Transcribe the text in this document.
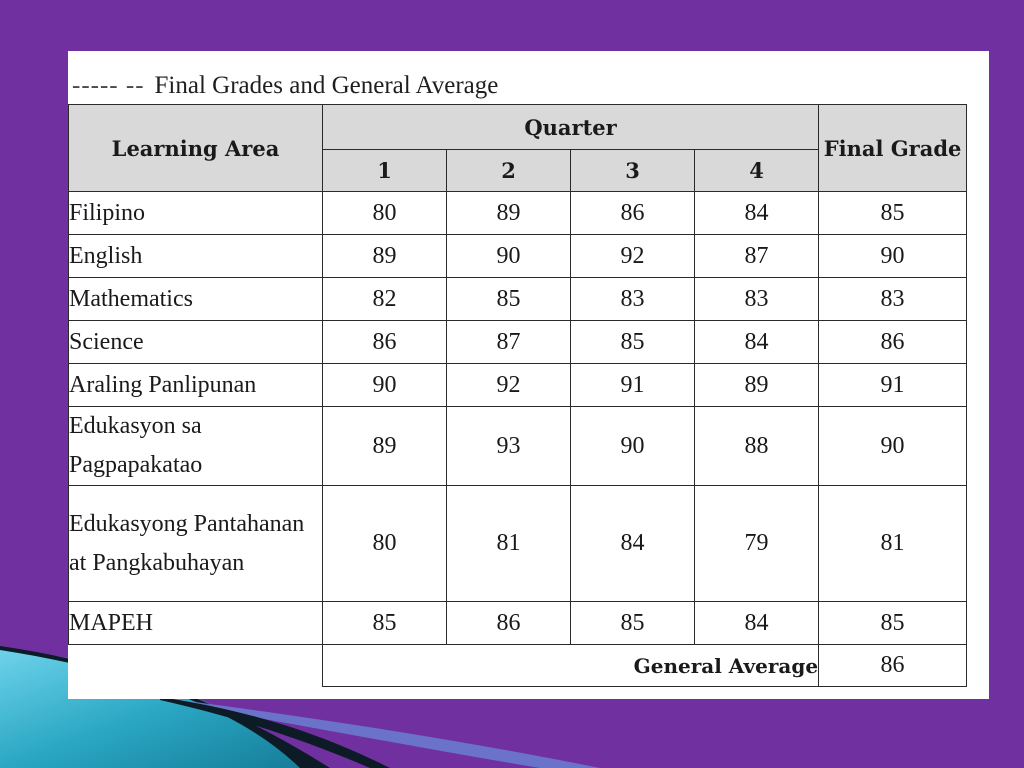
----- -- Final Grades and General Average
Learning Area	Quarter				Final Grade
	1	2	3	4	
Filipino	80	89	86	84	85
English	89	90	92	87	90
Mathematics	82	85	83	83	83
Science	86	87	85	84	86
Araling Panlipunan	90	92	91	89	91
Edukasyon sa Pagpapakatao	89	93	90	88	90
Edukasyong Pantahanan at Pangkabuhayan	80	81	84	79	81
MAPEH	85	86	85	84	85
	General Average				86
